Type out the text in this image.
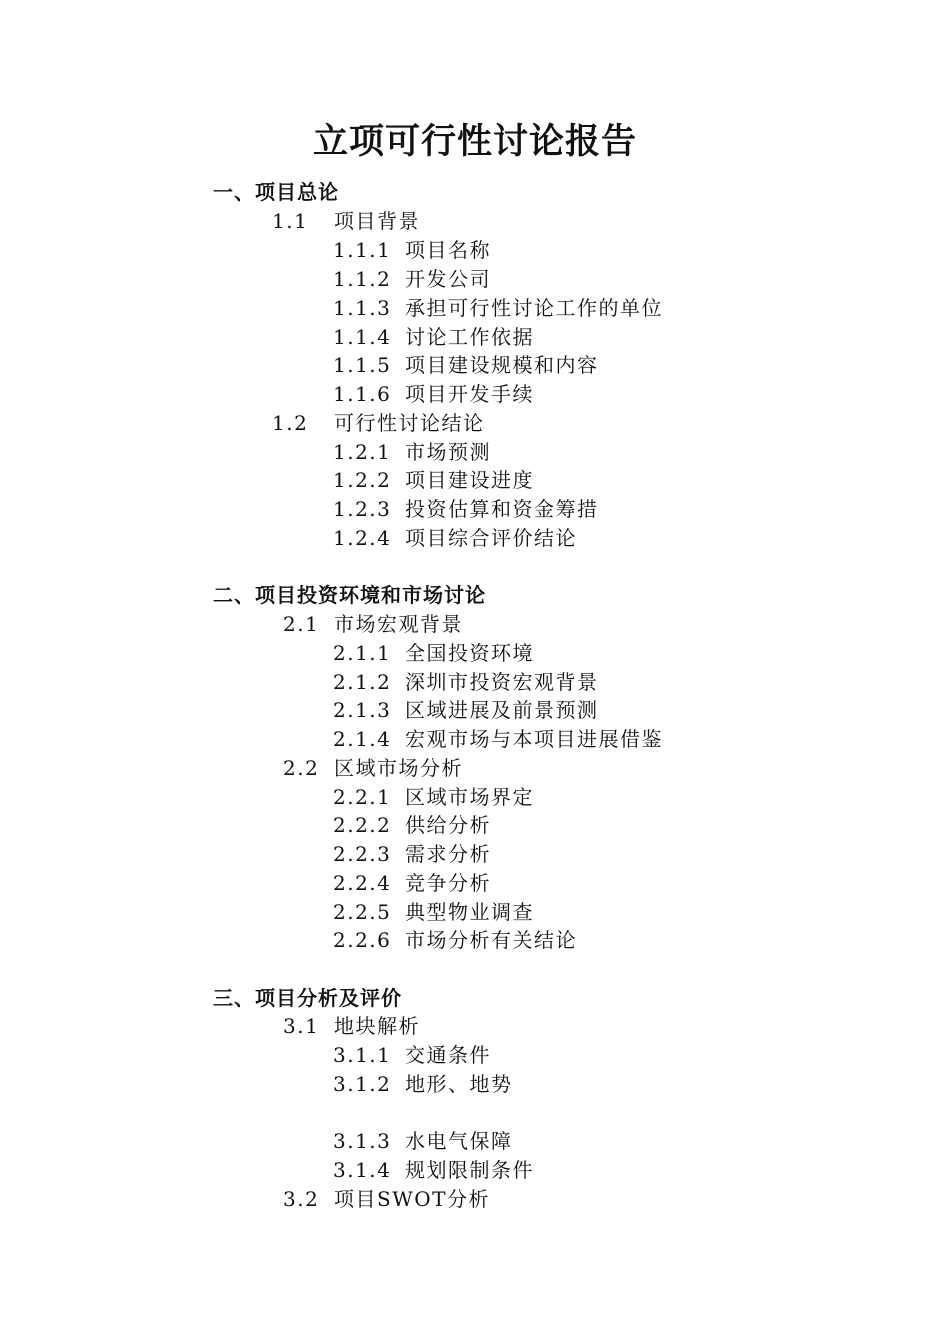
立项可行性讨论报告
一、项目总论
1.1 项目背景
1.1.1 项目名称
1.1.2 开发公司
1.1.3 承担可行性讨论工作的单位
1.1.4 讨论工作依据
1.1.5 项目建设规模和内容
1.1.6 项目开发手续
1.2 可行性讨论结论
1.2.1 市场预测
1.2.2 项目建设进度
1.2.3 投资估算和资金筹措
1.2.4 项目综合评价结论
二、项目投资环境和市场讨论
2.1 市场宏观背景
2.1.1 全国投资环境
2.1.2 深圳市投资宏观背景
2.1.3 区域进展及前景预测
2.1.4 宏观市场与本项目进展借鉴
2.2 区域市场分析
2.2.1 区域市场界定
2.2.2 供给分析
2.2.3 需求分析
2.2.4 竞争分析
2.2.5 典型物业调查
2.2.6 市场分析有关结论
三、项目分析及评价
3.1 地块解析
3.1.1 交通条件
3.1.2 地形、地势
3.1.3 水电气保障
3.1.4 规划限制条件
3.2 项目SWOT分析
